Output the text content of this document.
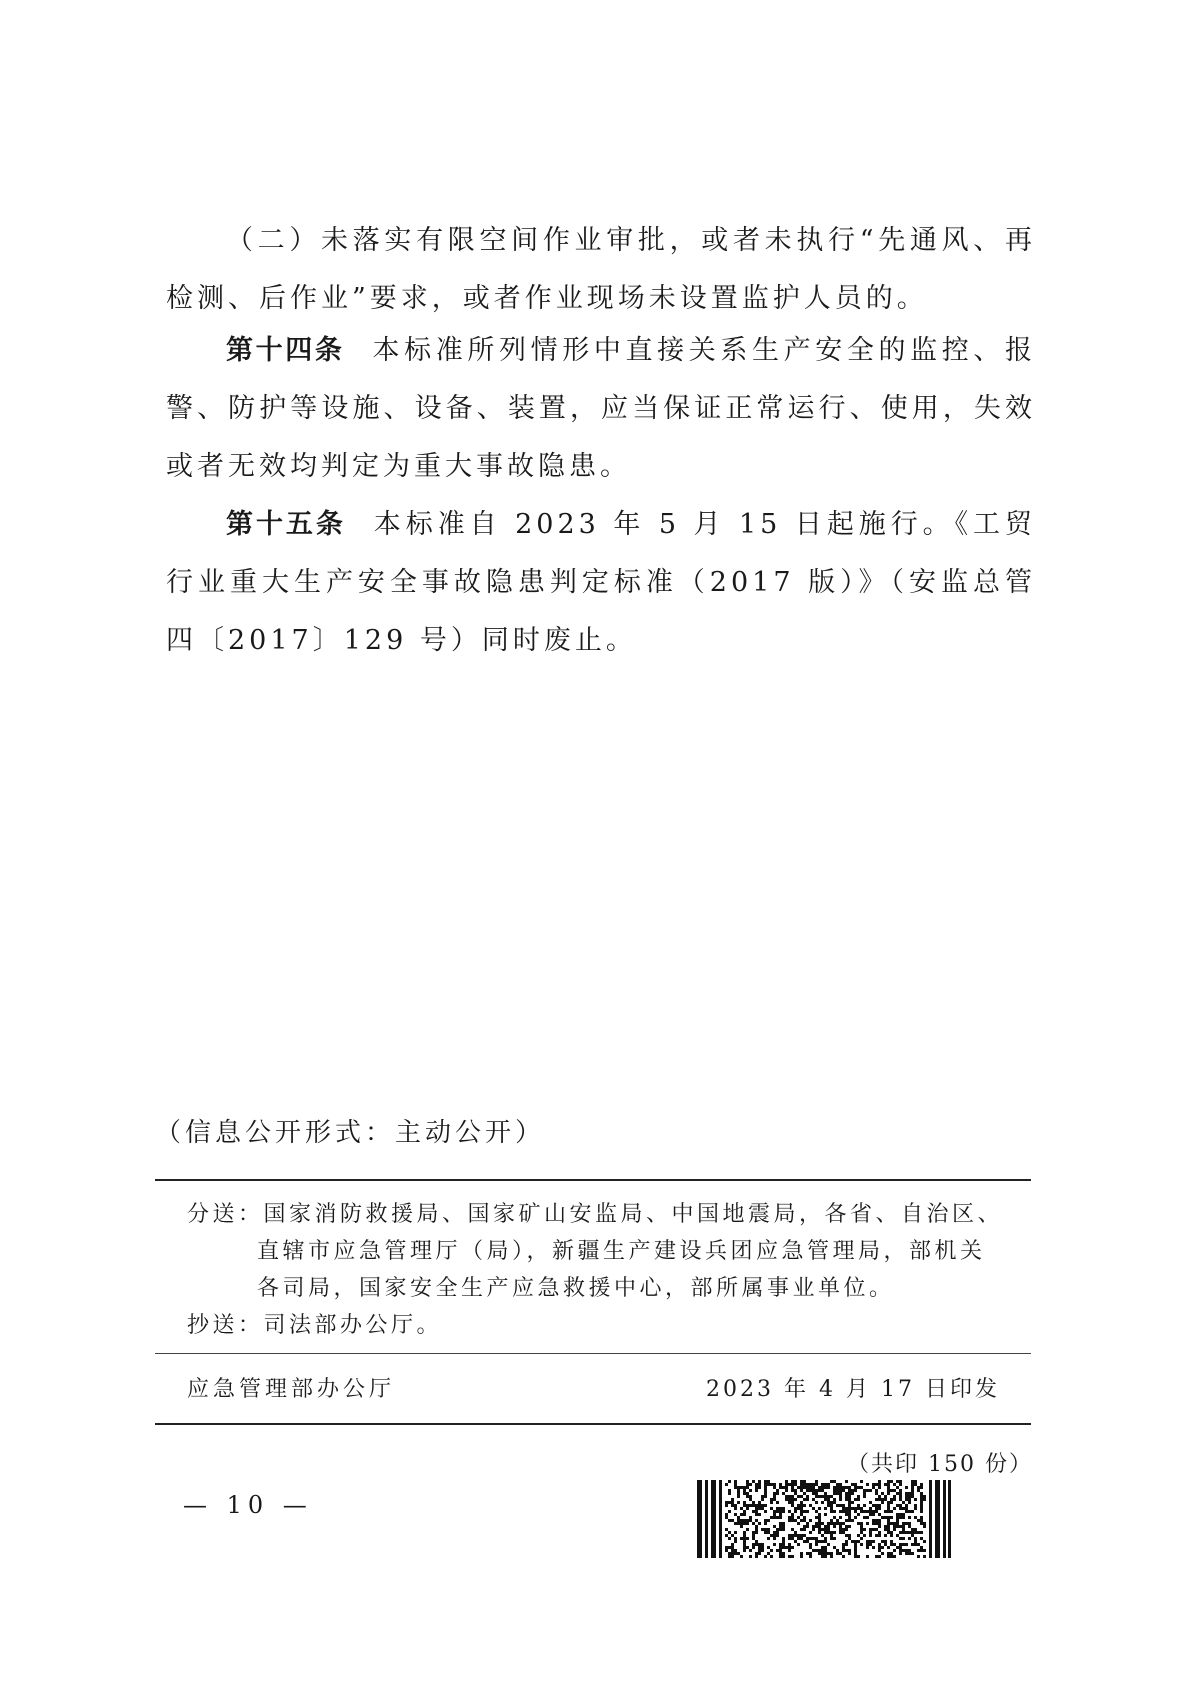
（二）未落实有限空间作业审批，或者未执行“先通风、再检测、后作业”要求，或者作业现场未设置监护人员的。

第十四条 本标准所列情形中直接关系生产安全的监控、报警、防护等设施、设备、装置，应当保证正常运行、使用，失效或者无效均判定为重大事故隐患。

第十五条 本标准自 2023 年 5 月 15 日起施行。《工贸行业重大生产安全事故隐患判定标准（2017 版）》（安监总管四〔2017〕129 号）同时废止。

（信息公开形式：主动公开）

分送：国家消防救援局、国家矿山安监局、中国地震局，各省、自治区、
直辖市应急管理厅（局），新疆生产建设兵团应急管理局，部机关
各司局，国家安全生产应急救援中心，部所属事业单位。
抄送：司法部办公厅。
应急管理部办公厅	2023 年 4 月 17 日印发
（共印 150 份）
— 10 —
